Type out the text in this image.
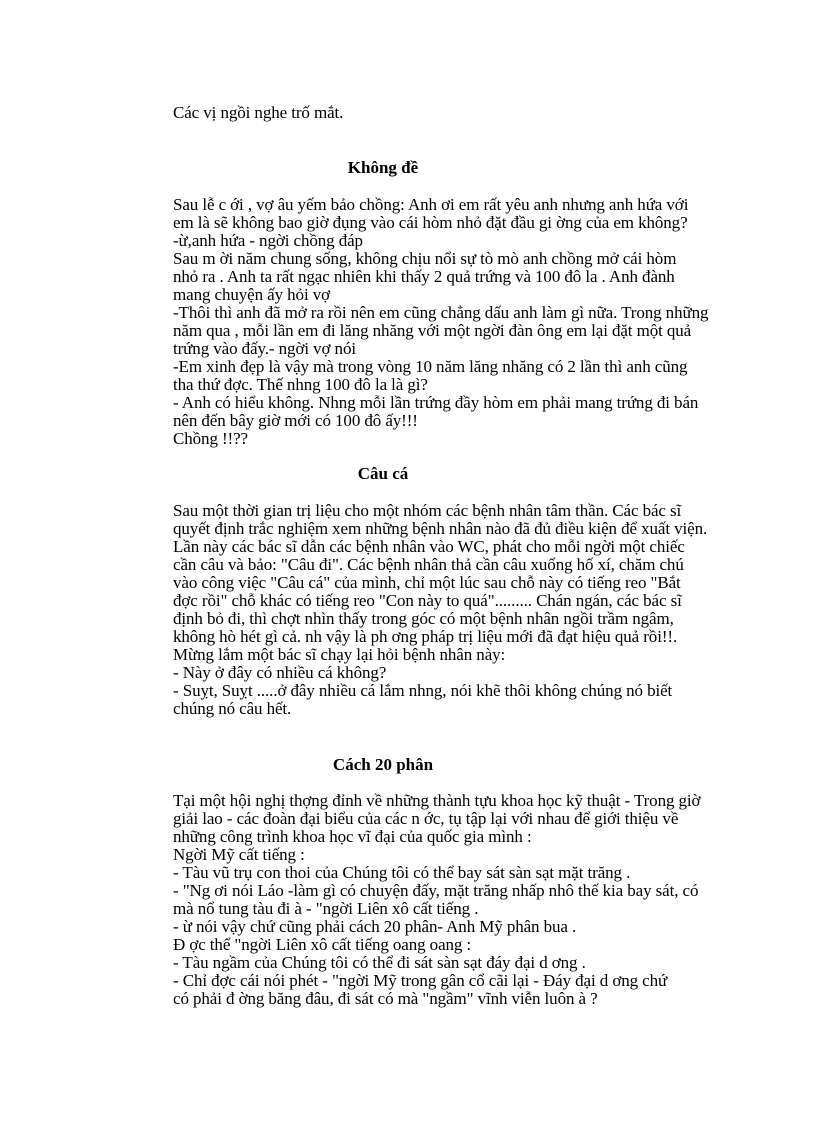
Các vị ngồi nghe trố mắt.
Không đề
Sau lễ c ới , vợ âu yếm bảo chồng: Anh ơi em rất yêu anh nhưng anh hứa với
em là sẽ không bao giờ đụng vào cái hòm nhỏ đặt đầu gi ờng của em không?
-ừ,anh hứa - ngời chồng đáp
Sau m ời năm chung sống, không chịu nổi sự tò mò anh chồng mở cái hòm
nhỏ ra . Anh ta rất ngạc nhiên khi thấy 2 quả trứng và 100 đô la . Anh đành
mang chuyện ấy hỏi vợ
-Thôi thì anh đã mở ra rồi nên em cũng chẳng dấu anh làm gì nữa. Trong những
năm qua , mỗi lần em đi lăng nhăng với một ngời đàn ông em lại đặt một quả
trứng vào đấy.- ngời vợ nói
-Em xinh đẹp là vậy mà trong vòng 10 năm lăng nhăng có 2 lần thì anh cũng
tha thứ đợc. Thế nhng 100 đô la là gì?
- Anh có hiểu không. Nhng mỗi lần trứng đầy hòm em phải mang trứng đi bán
nên đến bây giờ mới có 100 đô ấy!!!
Chồng !!??
Câu cá
Sau một thời gian trị liệu cho một nhóm các bệnh nhân tâm thần. Các bác sĩ
quyết định trắc nghiệm xem những bệnh nhân nào đã đủ điều kiện để xuất viện.
Lần này các bác sĩ dẫn các bệnh nhân vào WC, phát cho mỗi ngời một chiếc
cần câu và bảo: "Câu đi". Các bệnh nhân thả cần câu xuống hố xí, chăm chú
vào công việc "Câu cá" của mình, chỉ một lúc sau chỗ này có tiếng reo "Bắt
đợc rồi" chỗ khác có tiếng reo "Con này to quá"......... Chán ngán, các bác sĩ
định bỏ đi, thì chợt nhìn thấy trong góc có một bệnh nhân ngồi trầm ngâm,
không hò hét gì cả. nh vậy là ph ơng pháp trị liệu mới đã đạt hiệu quả rồi!!.
Mừng lắm một bác sĩ chạy lại hỏi bệnh nhân này:
- Này ở đây có nhiều cá không?
- Suỵt, Suỵt .....ở đây nhiều cá lắm nhng, nói khẽ thôi không chúng nó biết
chúng nó câu hết.
Cách 20 phân
Tại một hội nghị thợng đỉnh về những thành tựu khoa học kỹ thuật - Trong giờ
giải lao - các đoàn đại biểu của các n ớc, tụ tập lại với nhau để giới thiệu về
những công trình khoa học vĩ đại của quốc gia mình :
Ngời Mỹ cất tiếng :
- Tàu vũ trụ con thoi của Chúng tôi có thể bay sát sàn sạt mặt trăng .
- "Ng ơi nói Láo -làm gì có chuyện đấy, mặt trăng nhấp nhô thế kia bay sát, có
mà nổ tung tàu đi à - "ngời Liên xô cất tiếng .
- ừ nói vậy chứ cũng phải cách 20 phân- Anh Mỹ phân bua .
Đ ợc thể "ngời Liên xô cất tiếng oang oang :
- Tàu ngầm của Chúng tôi có thể đi sát sàn sạt đáy đại d ơng .
- Chỉ đợc cái nói phét - "ngời Mỹ trong gân cổ cãi lại - Đáy đại d ơng chứ
có phải đ ờng băng đâu, đi sát có mà "ngầm" vĩnh viễn luôn à ?
